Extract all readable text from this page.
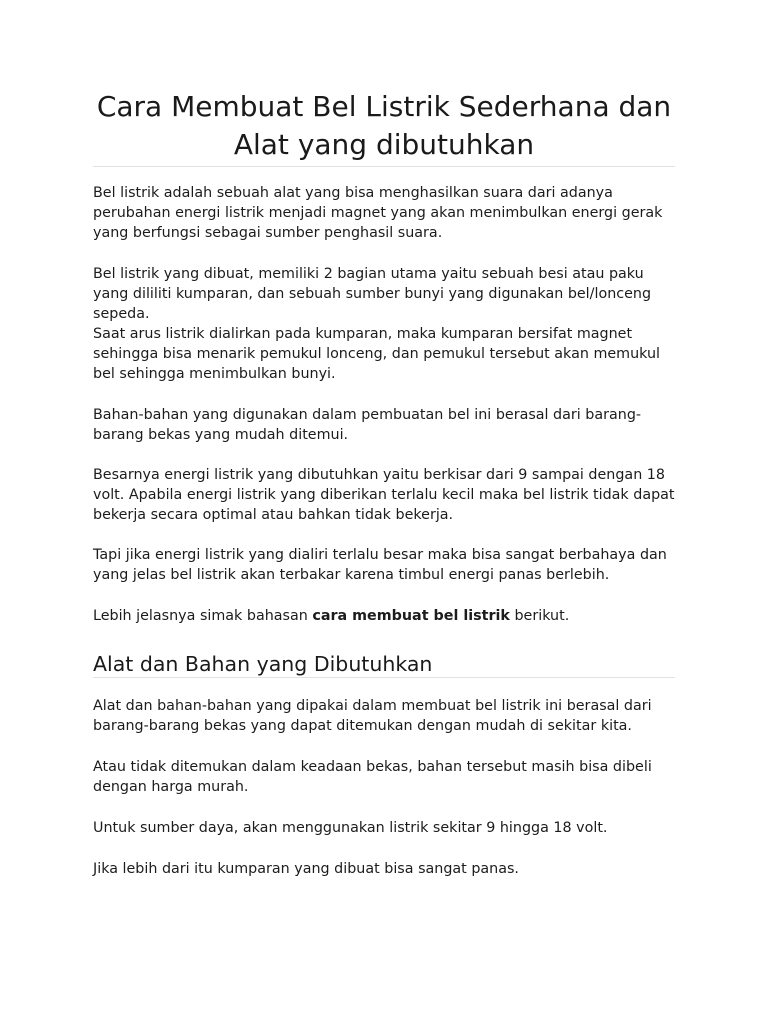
Cara Membuat Bel Listrik Sederhana dan Alat yang dibutuhkan

Bel listrik adalah sebuah alat yang bisa menghasilkan suara dari adanya perubahan energi listrik menjadi magnet yang akan menimbulkan energi gerak yang berfungsi sebagai sumber penghasil suara.

Bel listrik yang dibuat, memiliki 2 bagian utama yaitu sebuah besi atau paku yang dililiti kumparan, dan sebuah sumber bunyi yang digunakan bel/lonceng sepeda.

Saat arus listrik dialirkan pada kumparan, maka kumparan bersifat magnet sehingga bisa menarik pemukul lonceng, dan pemukul tersebut akan memukul bel sehingga menimbulkan bunyi.

Bahan-bahan yang digunakan dalam pembuatan bel ini berasal dari barang-barang bekas yang mudah ditemui.

Besarnya energi listrik yang dibutuhkan yaitu berkisar dari 9 sampai dengan 18 volt. Apabila energi listrik yang diberikan terlalu kecil maka bel listrik tidak dapat bekerja secara optimal atau bahkan tidak bekerja.

Tapi jika energi listrik yang dialiri terlalu besar maka bisa sangat berbahaya dan yang jelas bel listrik akan terbakar karena timbul energi panas berlebih.

Lebih jelasnya simak bahasan cara membuat bel listrik berikut.

Alat dan Bahan yang Dibutuhkan

Alat dan bahan-bahan yang dipakai dalam membuat bel listrik ini berasal dari barang-barang bekas yang dapat ditemukan dengan mudah di sekitar kita.

Atau tidak ditemukan dalam keadaan bekas, bahan tersebut masih bisa dibeli dengan harga murah.

Untuk sumber daya, akan menggunakan listrik sekitar 9 hingga 18 volt.

Jika lebih dari itu kumparan yang dibuat bisa sangat panas.
